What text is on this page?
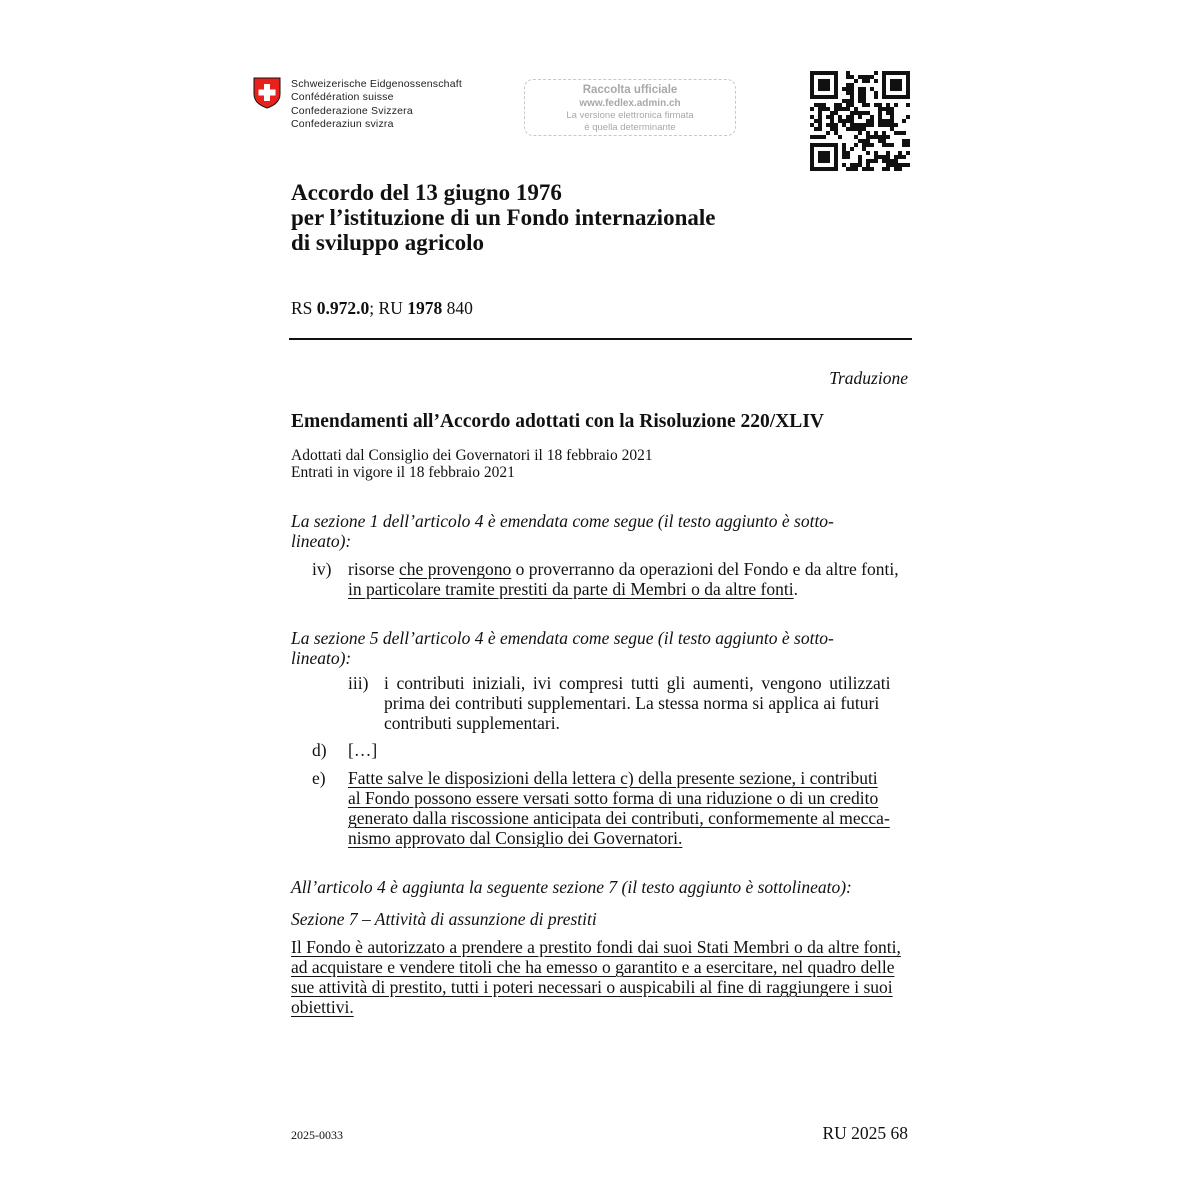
Schweizerische Eidgenossenschaft
Confédération suisse
Confederazione Svizzera
Confederaziun svizra
Raccolta ufficiale
www.fedlex.admin.ch
La versione elettronica firmata
è quella determinante
Accordo del 13 giugno 1976
per l’istituzione di un Fondo internazionale
di sviluppo agricolo
RS 0.972.0; RU 1978 840
Traduzione
Emendamenti all’Accordo adottati con la Risoluzione 220/XLIV
Adottati dal Consiglio dei Governatori il 18 febbraio 2021
Entrati in vigore il 18 febbraio 2021
La sezione 1 dell’articolo 4 è emendata come segue (il testo aggiunto è sotto-
lineato):
iv) risorse che provengono o proverranno da operazioni del Fondo e da altre fonti,
in particolare tramite prestiti da parte di Membri o da altre fonti.
La sezione 5 dell’articolo 4 è emendata come segue (il testo aggiunto è sotto-
lineato):
iii) i contributi iniziali, ivi compresi tutti gli aumenti, vengono utilizzati
prima dei contributi supplementari. La stessa norma si applica ai futuri
contributi supplementari.
d) […]
e) Fatte salve le disposizioni della lettera c) della presente sezione, i contributi
al Fondo possono essere versati sotto forma di una riduzione o di un credito
generato dalla riscossione anticipata dei contributi, conformemente al mecca-
nismo approvato dal Consiglio dei Governatori.
All’articolo 4 è aggiunta la seguente sezione 7 (il testo aggiunto è sottolineato):
Sezione 7 – Attività di assunzione di prestiti
Il Fondo è autorizzato a prendere a prestito fondi dai suoi Stati Membri o da altre fonti,
ad acquistare e vendere titoli che ha emesso o garantito e a esercitare, nel quadro delle
sue attività di prestito, tutti i poteri necessari o auspicabili al fine di raggiungere i suoi
obiettivi.
2025-0033	RU 2025 68
